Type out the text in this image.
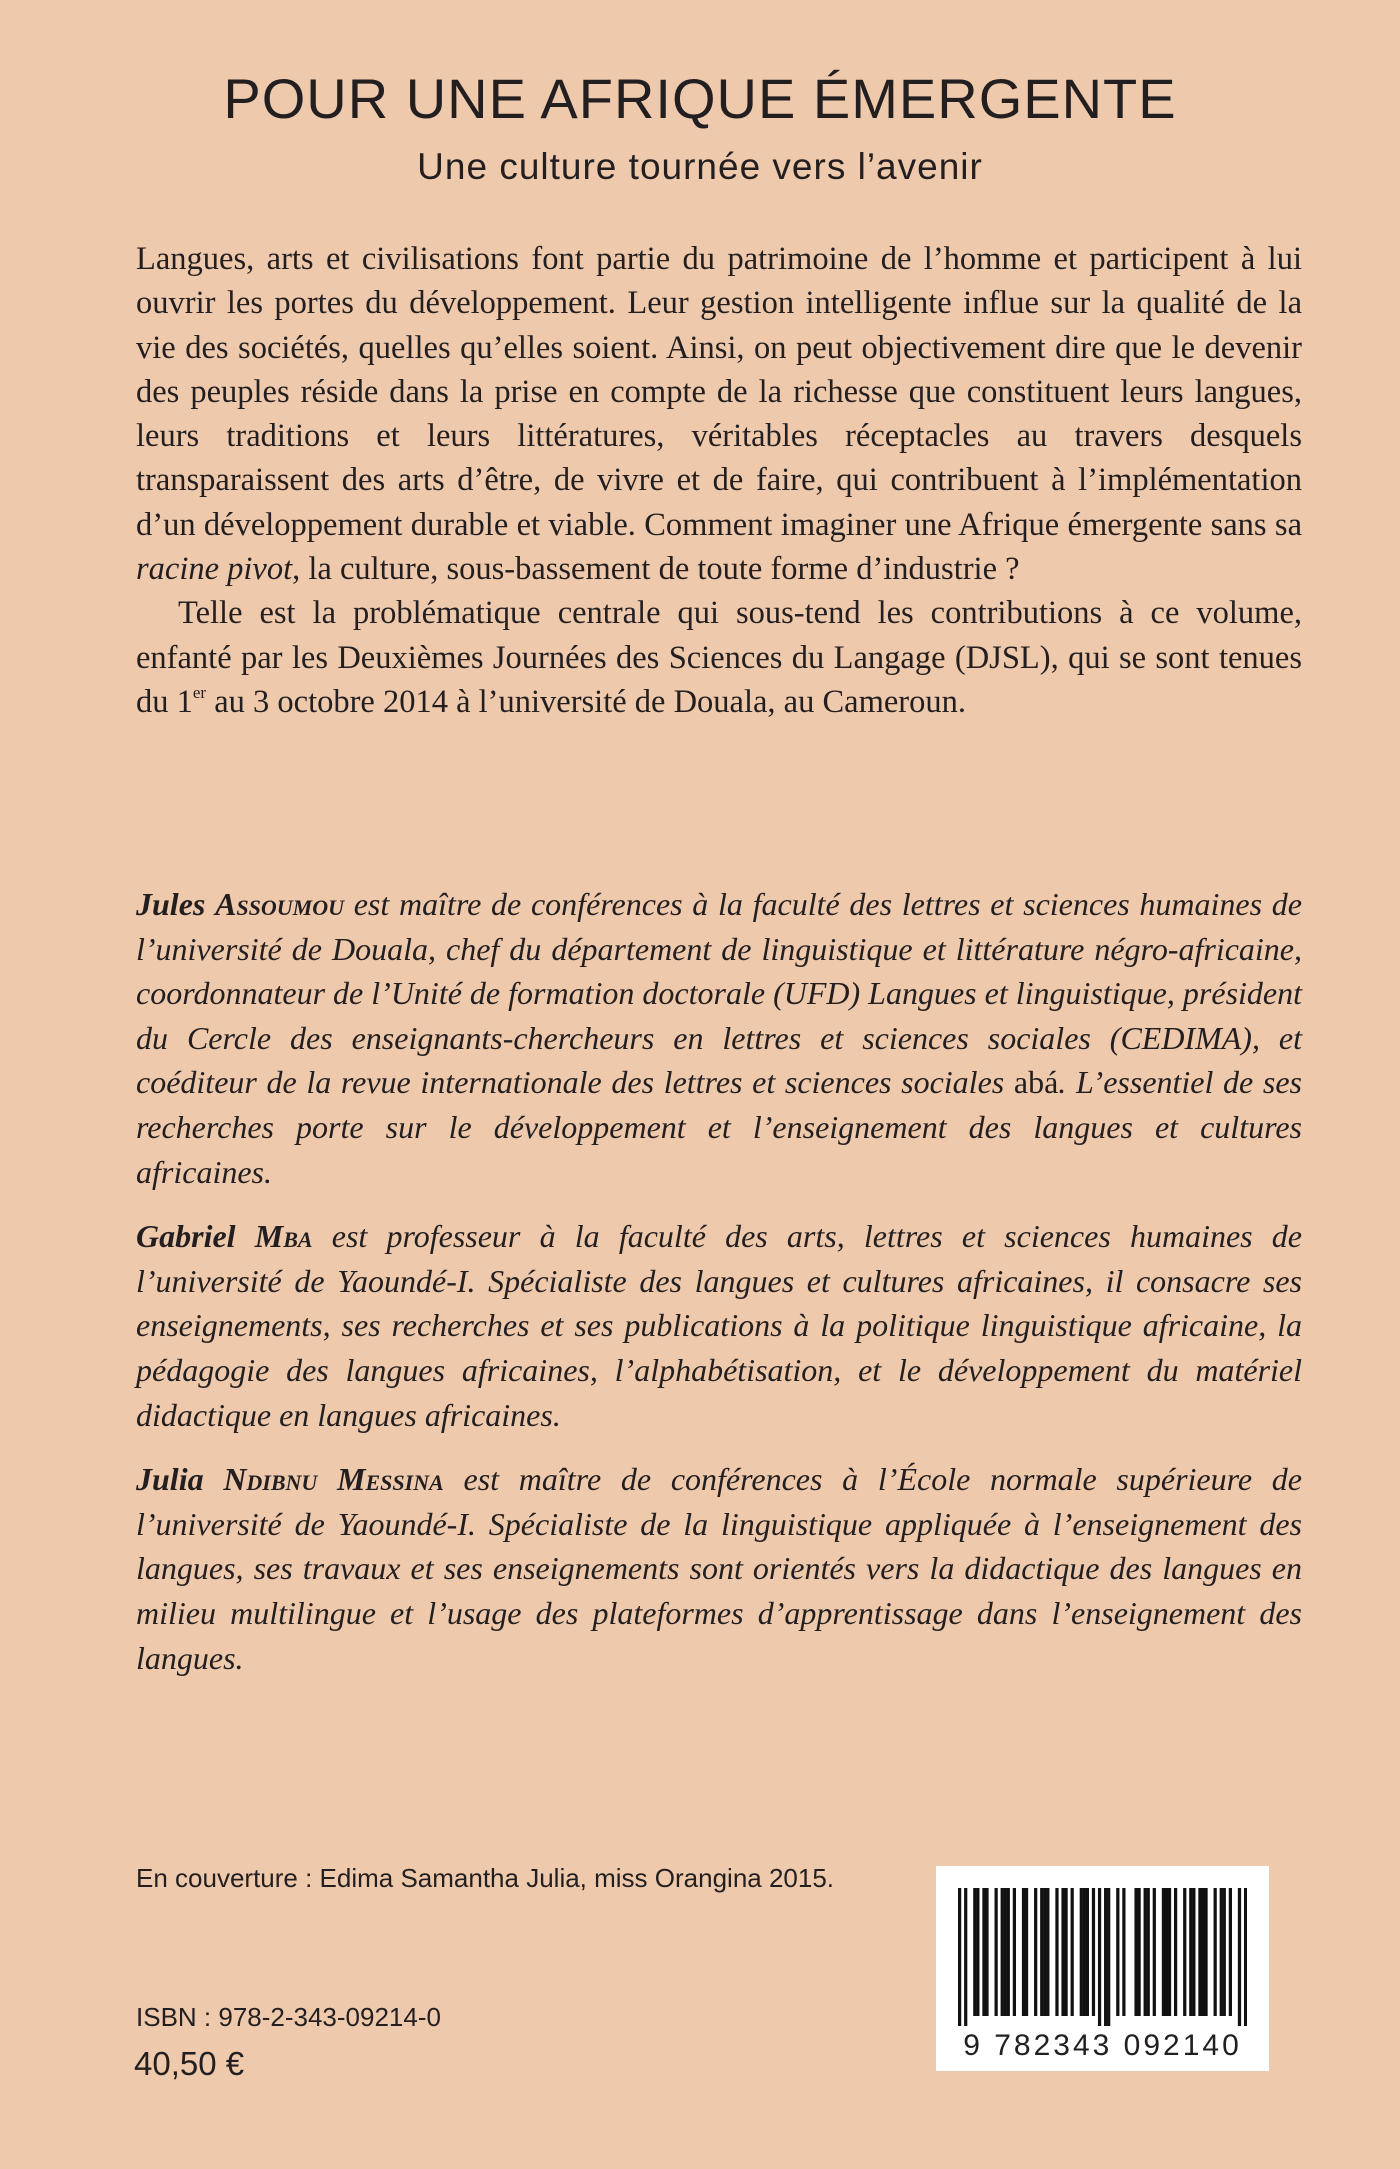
POUR UNE AFRIQUE ÉMERGENTE
Une culture tournée vers l’avenir

Langues, arts et civilisations font partie du patrimoine de l’homme et participent à lui ouvrir les portes du développement. Leur gestion intelligente influe sur la qualité de la vie des sociétés, quelles qu’elles soient. Ainsi, on peut objectivement dire que le devenir des peuples réside dans la prise en compte de la richesse que constituent leurs langues, leurs traditions et leurs littératures, véritables réceptacles au travers desquels transparaissent des arts d’être, de vivre et de faire, qui contribuent à l’implémentation d’un développement durable et viable. Comment imaginer une Afrique émergente sans sa racine pivot, la culture, sous-bassement de toute forme d’industrie ?

Telle est la problématique centrale qui sous-tend les contributions à ce volume, enfanté par les Deuxièmes Journées des Sciences du Langage (DJSL), qui se sont tenues du 1er au 3 octobre 2014 à l’université de Douala, au Cameroun.

Jules Assoumou est maître de conférences à la faculté des lettres et sciences humaines de l’université de Douala, chef du département de linguistique et littérature négro-africaine, coordonnateur de l’Unité de formation doctorale (UFD) Langues et linguistique, président du Cercle des enseignants-chercheurs en lettres et sciences sociales (CEDIMA), et coéditeur de la revue internationale des lettres et sciences sociales abá. L’essentiel de ses recherches porte sur le développement et l’enseignement des langues et cultures africaines.

Gabriel Mba est professeur à la faculté des arts, lettres et sciences humaines de l’université de Yaoundé-I. Spécialiste des langues et cultures africaines, il consacre ses enseignements, ses recherches et ses publications à la politique linguistique africaine, la pédagogie des langues africaines, l’alphabétisation, et le développement du matériel didactique en langues africaines.

Julia Ndibnu Messina est maître de conférences à l’École normale supérieure de l’université de Yaoundé-I. Spécialiste de la linguistique appliquée à l’enseignement des langues, ses travaux et ses enseignements sont orientés vers la didactique des langues en milieu multilingue et l’usage des plateformes d’apprentissage dans l’enseignement des langues.

En couverture : Edima Samantha Julia, miss Orangina 2015.
ISBN : 978-2-343-09214-0
40,50 €	9 782343 092140
